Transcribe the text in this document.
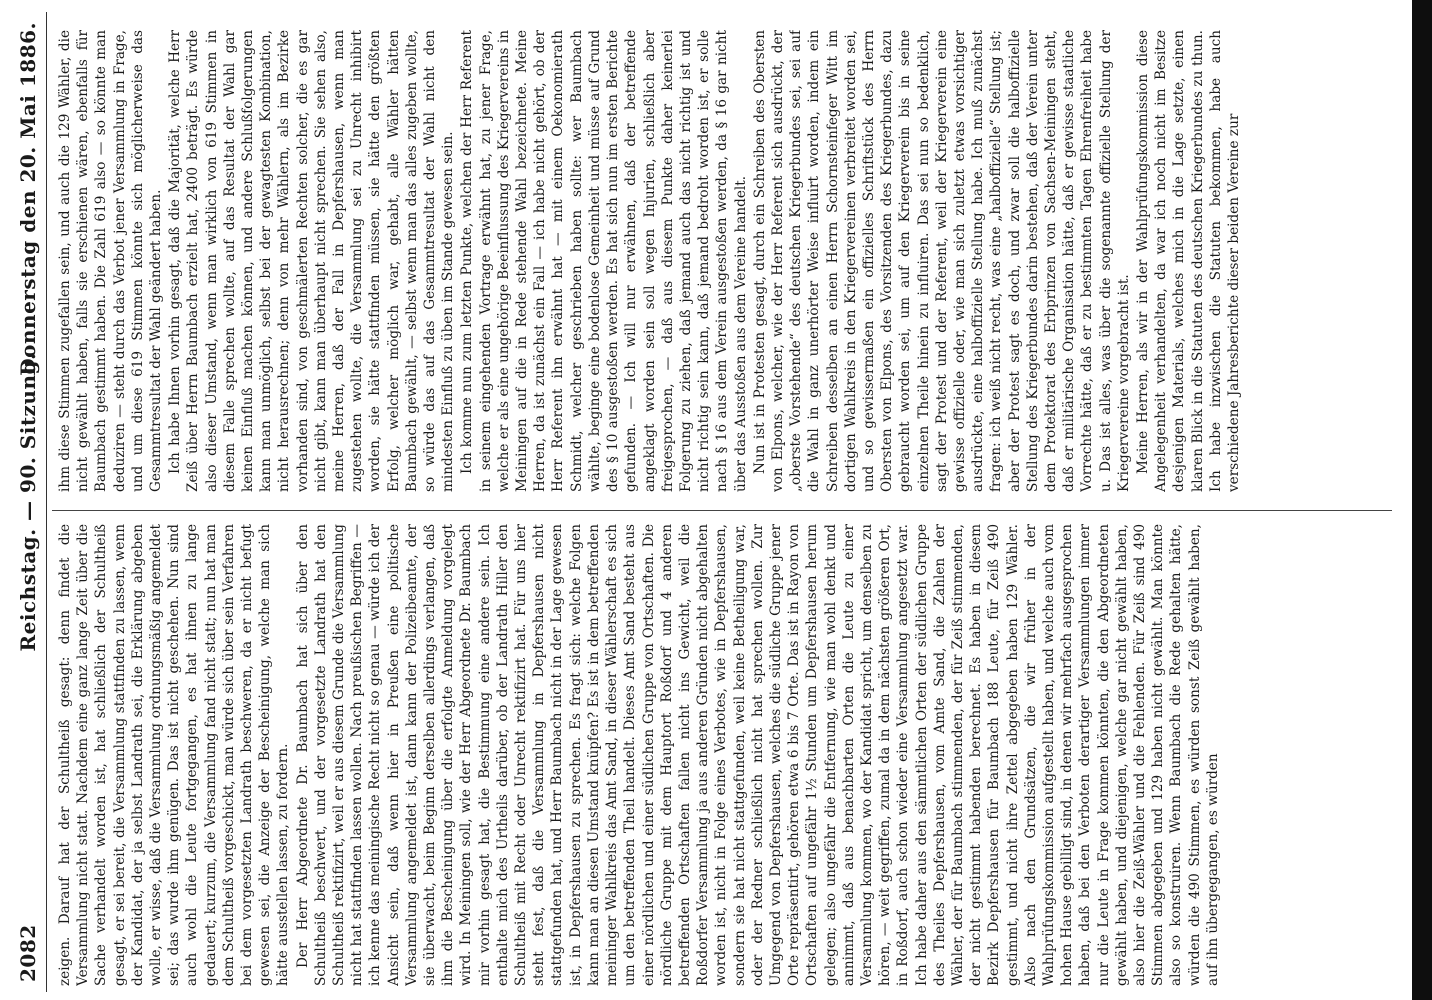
2082
Reichstag. — 90. Sitzung.
Donnerstag den 20. Mai 1886.

zeigen. Darauf hat der Schultheiß gesagt: denn findet die Versammlung nicht statt. Nachdem eine ganz lange Zeit über die Sache verhandelt worden ist, hat schließlich der Schultheiß gesagt, er sei bereit, die Versammlung stattfinden zu lassen, wenn der Kandidat, der ja selbst Landrath sei, die Erklärung abgeben wolle, er wisse, daß die Versammlung ordnungsmäßig angemeldet sei; das wurde ihm genügen. Das ist nicht geschehen. Nun sind auch wohl die Leute fortgegangen, es hat ihnen zu lange gedauert; kurzum, die Versammlung fand nicht statt; nun hat man dem Schultheiß vorgeschickt, man würde sich über sein Verfahren bei dem vorgesetzten Landrath beschweren, da er nicht befugt gewesen sei, die Anzeige der Bescheinigung, welche man sich hätte ausstellen lassen, zu fordern. Der Herr Abgeordnete Dr. Baumbach hat sich über den Schultheiß beschwert, und der vorgesetzte Landrath hat den Schultheiß rektifizirt, weil er aus diesem Grunde die Versammlung nicht hat stattfinden lassen wollen. Nach preußischen Begriffen — ich kenne das meiningische Recht nicht so genau — würde ich der Ansicht sein, daß wenn hier in Preußen eine politische Versammlung angemeldet ist, dann kann der Polizeibeamte, der sie überwacht, beim Beginn derselben allerdings verlangen, daß ihm die Bescheinigung über die erfolgte Anmeldung vorgelegt wird. In Meiningen soll, wie der Herr Abgeordnete Dr. Baumbach mir vorhin gesagt hat, die Bestimmung eine andere sein. Ich enthalte mich des Urtheils darüber, ob der Landrath Hiller den Schultheiß mit Recht oder Unrecht rektifizirt hat. Für uns hier steht fest, daß die Versammlung in Depfershausen nicht stattgefunden hat, und Herr Baumbach nicht in der Lage gewesen ist, in Depfershausen zu sprechen. Es fragt sich: welche Folgen kann man an diesen Umstand knüpfen? Es ist in dem betreffenden meininger Wahlkreis das Amt Sand, in dieser Wählerschaft es sich um den betreffenden Theil handelt. Dieses Amt Sand besteht aus einer nördlichen und einer südlichen Gruppe von Ortschaften. Die nördliche Gruppe mit dem Hauptort Roßdorf und 4 anderen betreffenden Ortschaften fallen nicht ins Gewicht, weil die Roßdorfer Versammlung ja aus anderen Gründen nicht abgehalten worden ist, nicht in Folge eines Verbotes, wie in Depfershausen, sondern sie hat nicht stattgefunden, weil keine Betheiligung war, oder der Redner schließlich nicht hat sprechen wollen. Zur Umgegend von Depfershausen, welches die südliche Gruppe jener Orte repräsentirt, gehören etwa 6 bis 7 Orte. Das ist in Rayon von Ortschaften auf ungefähr 1½ Stunden um Depfershausen herum gelegen; also ungefähr die Entfernung, wie man wohl denkt und annimmt, daß aus benachbarten Orten die Leute zu einer Versammlung kommen, wo der Kandidat spricht, um denselben zu hören, — weit gegriffen, zumal da in dem nächsten größeren Ort, in Roßdorf, auch schon wieder eine Versammlung angesetzt war. Ich habe daher aus den sämmtlichen Orten der südlichen Gruppe des Theiles Depfershausen, vom Amte Sand, die Zahlen der Wähler, der für Baumbach stimmenden, der für Zeiß stimmenden, der nicht gestimmt habenden berechnet. Es haben in diesem Bezirk Depfershausen für Baumbach 188 Leute, für Zeiß 490 gestimmt, und nicht ihre Zettel abgegeben haben 129 Wähler. Also nach den Grundsätzen, die wir früher in der Wahlprüfungskommission aufgestellt haben, und welche auch vom hohen Hause gebilligt sind, in denen wir mehrfach ausgesprochen haben, daß bei den Verboten derartiger Versammlungen immer nur die Leute in Frage kommen könnten, die den Abgeordneten gewählt haben, und diejenigen, welche gar nicht gewählt haben, also hier die Zeiß-Wähler und die Fehlenden. Für Zeiß sind 490 Stimmen abgegeben und 129 haben nicht gewählt. Man könnte also so konstruiren. Wenn Baumbach die Rede gehalten hätte, würden die 490 Stimmen, es würden sonst Zeiß gewählt haben, auf ihn übergegangen, es würden

ihm diese Stimmen zugefallen sein, und auch die 129 Wähler, die nicht gewählt haben, falls sie erschienen wären, ebenfalls für Baumbach gestimmt haben. Die Zahl 619 also — so könnte man deduziren — steht durch das Verbot jener Versammlung in Frage, und um diese 619 Stimmen könnte sich möglicherweise das Gesammtresultat der Wahl geändert haben. Ich habe Ihnen vorhin gesagt, daß die Majorität, welche Herr Zeiß über Herrn Baumbach erzielt hat, 2400 beträgt. Es würde also dieser Umstand, wenn man wirklich von 619 Stimmen in diesem Falle sprechen wollte, auf das Resultat der Wahl gar keinen Einfluß machen können, und andere Schlußfolgerungen kann man unmöglich, selbst bei der gewagtesten Kombination, nicht herausrechnen; denn von mehr Wählern, als im Bezirke vorhanden sind, von geschmälerten Rechten solcher, die es gar nicht gibt, kann man überhaupt nicht sprechen. Sie sehen also, meine Herren, daß der Fall in Depfershausen, wenn man zugestehen wollte, die Versammlung sei zu Unrecht inhibirt worden, sie hätte stattfinden müssen, sie hätte den größten Erfolg, welcher möglich war, gehabt, alle Wähler hätten Baumbach gewählt, — selbst wenn man das alles zugeben wollte, so würde das auf das Gesammtresultat der Wahl nicht den mindesten Einfluß zu üben im Stande gewesen sein. Ich komme nun zum letzten Punkte, welchen der Herr Referent in seinem eingehenden Vortrage erwähnt hat, zu jener Frage, welche er als eine ungehörige Beeinflussung des Kriegervereins in Meiningen auf die in Rede stehende Wahl bezeichnete. Meine Herren, da ist zunächst ein Fall — ich habe nicht gehört, ob der Herr Referent ihn erwähnt hat — mit einem Oekonomierath Schmidt, welcher geschrieben haben sollte: wer Baumbach wählte, beginge eine bodenlose Gemeinheit und müsse auf Grund des § 10 ausgestoßen werden. Es hat sich nun im ersten Berichte gefunden. — Ich will nur erwähnen, daß der betreffende angeklagt worden sein soll wegen Injurien, schließlich aber freigesprochen, — daß aus diesem Punkte daher keinerlei Folgerung zu ziehen, daß jemand auch das nicht richtig ist und nicht richtig sein kann, daß jemand bedroht worden ist, er solle nach § 16 aus dem Verein ausgestoßen werden, da § 16 gar nicht über das Ausstoßen aus dem Vereine handelt. Nun ist in Protesten gesagt, durch ein Schreiben des Obersten von Elpons, welcher, wie der Herr Referent sich ausdrückt, der „oberste Vorstehende“ des deutschen Kriegerbundes sei, sei auf die Wahl in ganz unerhörter Weise influirt worden, indem ein Schreiben desselben an einen Herrn Schornsteinfeger Witt im dortigen Wahlkreis in den Kriegervereinen verbreitet worden sei, und so gewissermaßen ein offizielles Schriftstück des Herrn Obersten von Elpons, des Vorsitzenden des Kriegerbundes, dazu gebraucht worden sei, um auf den Kriegerverein bis in seine einzelnen Theile hinein zu influiren. Das sei nun so bedenklich, sagt der Protest und der Referent, weil der Kriegerverein eine gewisse offizielle oder, wie man sich zuletzt etwas vorsichtiger ausdrückte, eine halboffizielle Stellung habe. Ich muß zunächst fragen: ich weiß nicht recht, was eine „halboffizielle“ Stellung ist; aber der Protest sagt es doch, und zwar soll die halboffizielle Stellung des Kriegerbundes darin bestehen, daß der Verein unter dem Protektorat des Erbprinzen von Sachsen-Meiningen steht, daß er militärische Organisation hätte, daß er gewisse staatliche Vorrechte hätte, daß er zu bestimmten Tagen Ehrenfreiheit habe u. Das ist alles, was über die sogenannte offizielle Stellung der Kriegervereine vorgebracht ist. Meine Herren, als wir in der Wahlprüfungskommission diese Angelegenheit verhandelten, da war ich noch nicht im Besitze desjenigen Materials, welches mich in die Lage setzte, einen klaren Blick in die Statuten des deutschen Kriegerbundes zu thun. Ich habe inzwischen die Statuten bekommen, habe auch verschiedene Jahresberichte dieser beiden Vereine zur
